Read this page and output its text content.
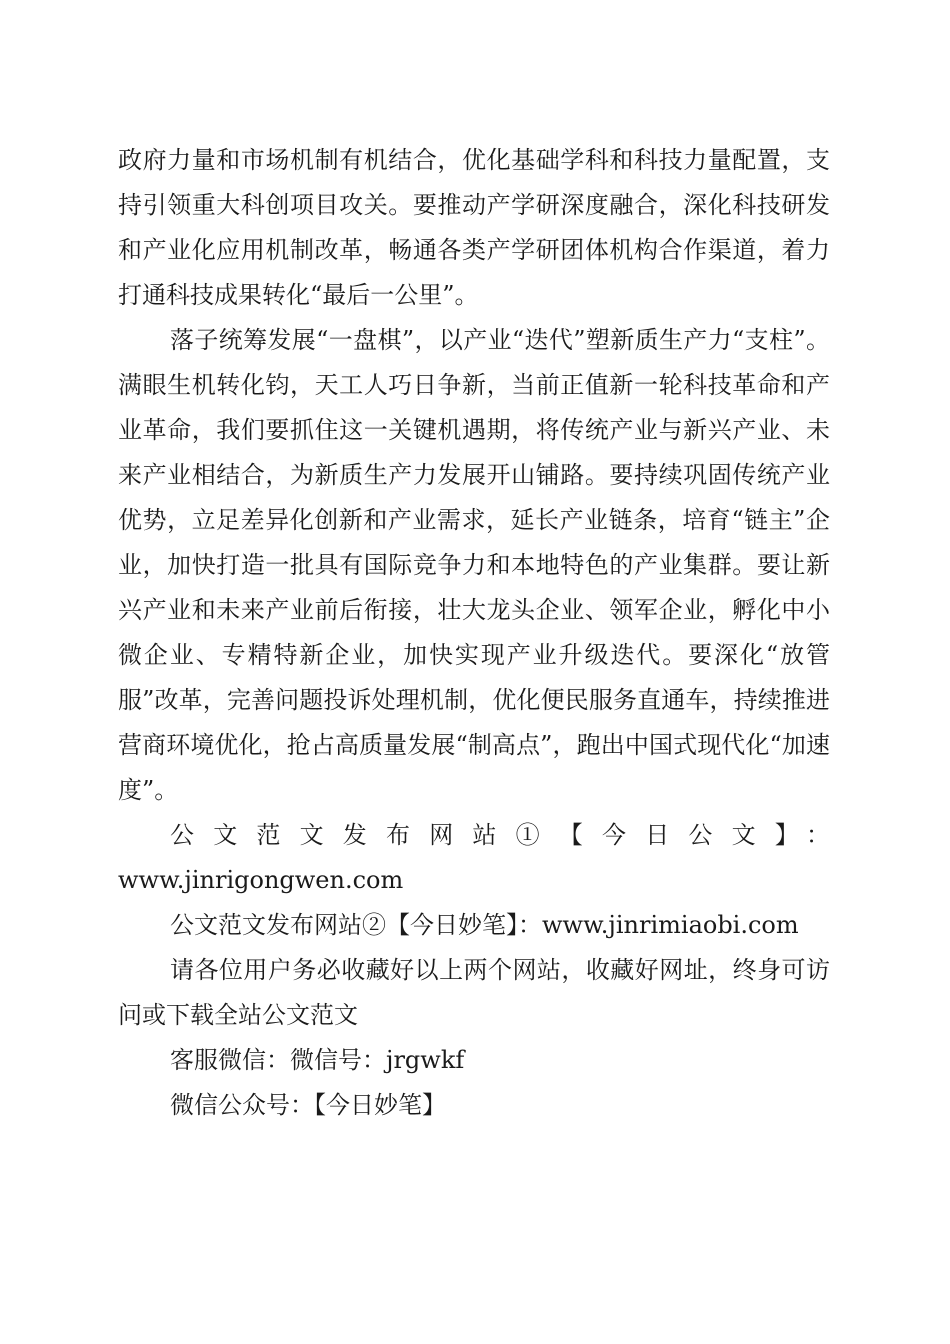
政府力量和市场机制有机结合，优化基础学科和科技力量配置，支持引领重大科创项目攻关。要推动产学研深度融合，深化科技研发和产业化应用机制改革，畅通各类产学研团体机构合作渠道，着力打通科技成果转化“最后一公里”。

落子统筹发展“一盘棋”，以产业“迭代”塑新质生产力“支柱”。满眼生机转化钧，天工人巧日争新，当前正值新一轮科技革命和产业革命，我们要抓住这一关键机遇期，将传统产业与新兴产业、未来产业相结合，为新质生产力发展开山铺路。要持续巩固传统产业优势，立足差异化创新和产业需求，延长产业链条，培育“链主”企业，加快打造一批具有国际竞争力和本地特色的产业集群。要让新兴产业和未来产业前后衔接，壮大龙头企业、领军企业，孵化中小微企业、专精特新企业，加快实现产业升级迭代。要深化“放管服”改革，完善问题投诉处理机制，优化便民服务直通车，持续推进营商环境优化，抢占高质量发展“制高点”，跑出中国式现代化“加速度”。

公文范文发布网站①【今日公文】：

www.jinrigongwen.com

公文范文发布网站②【今日妙笔】：www.jinrimiaobi.com

请各位用户务必收藏好以上两个网站，收藏好网址，终身可访问或下载全站公文范文

客服微信：微信号：jrgwkf

微信公众号：【今日妙笔】
